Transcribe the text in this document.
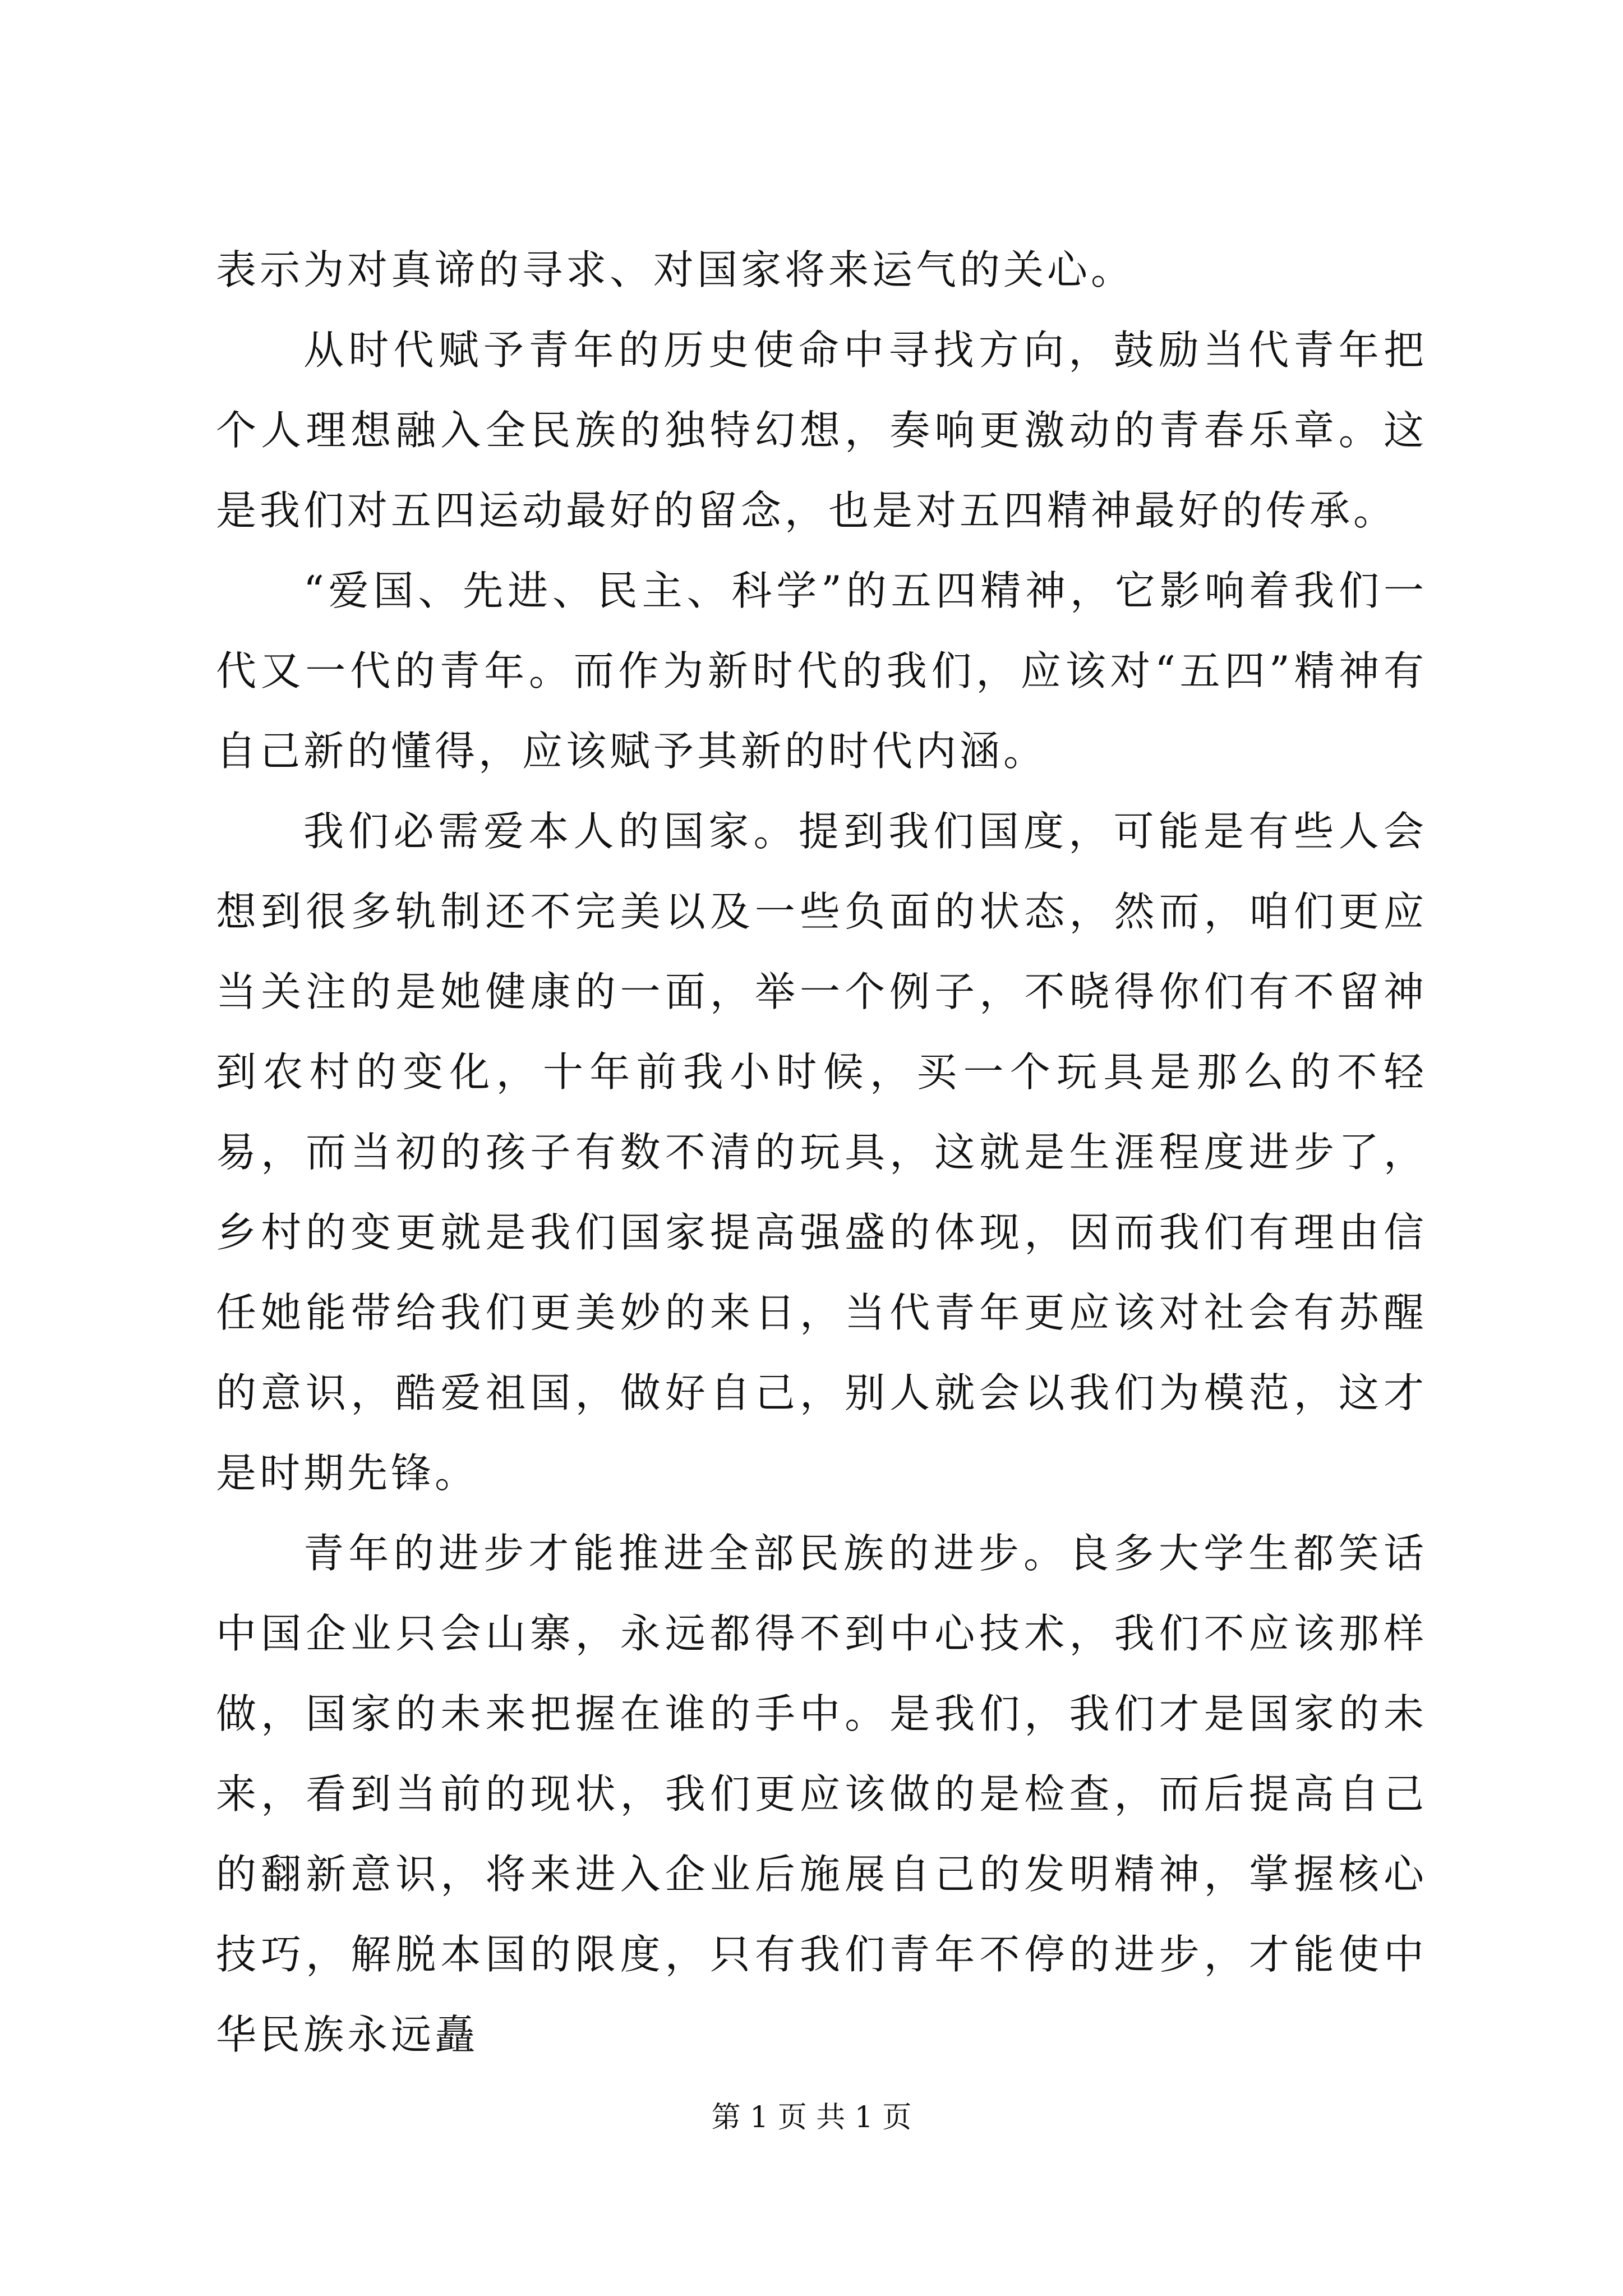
表示为对真谛的寻求、对国家将来运气的关心。

从时代赋予青年的历史使命中寻找方向，鼓励当代青年把个人理想融入全民族的独特幻想，奏响更激动的青春乐章。这是我们对五四运动最好的留念，也是对五四精神最好的传承。

“爱国、先进、民主、科学”的五四精神，它影响着我们一代又一代的青年。而作为新时代的我们，应该对“五四”精神有自己新的懂得，应该赋予其新的时代内涵。

我们必需爱本人的国家。提到我们国度，可能是有些人会想到很多轨制还不完美以及一些负面的状态，然而，咱们更应当关注的是她健康的一面，举一个例子，不晓得你们有不留神到农村的变化，十年前我小时候，买一个玩具是那么的不轻易，而当初的孩子有数不清的玩具，这就是生涯程度进步了，乡村的变更就是我们国家提高强盛的体现，因而我们有理由信任她能带给我们更美妙的来日，当代青年更应该对社会有苏醒的意识，酷爱祖国，做好自己，别人就会以我们为模范，这才是时期先锋。

青年的进步才能推进全部民族的进步。良多大学生都笑话中国企业只会山寨，永远都得不到中心技术，我们不应该那样做，国家的未来把握在谁的手中。是我们，我们才是国家的未来，看到当前的现状，我们更应该做的是检查，而后提高自己的翻新意识，将来进入企业后施展自己的发明精神，掌握核心技巧，解脱本国的限度，只有我们青年不停的进步，才能使中华民族永远矗

第 1 页 共 1 页
